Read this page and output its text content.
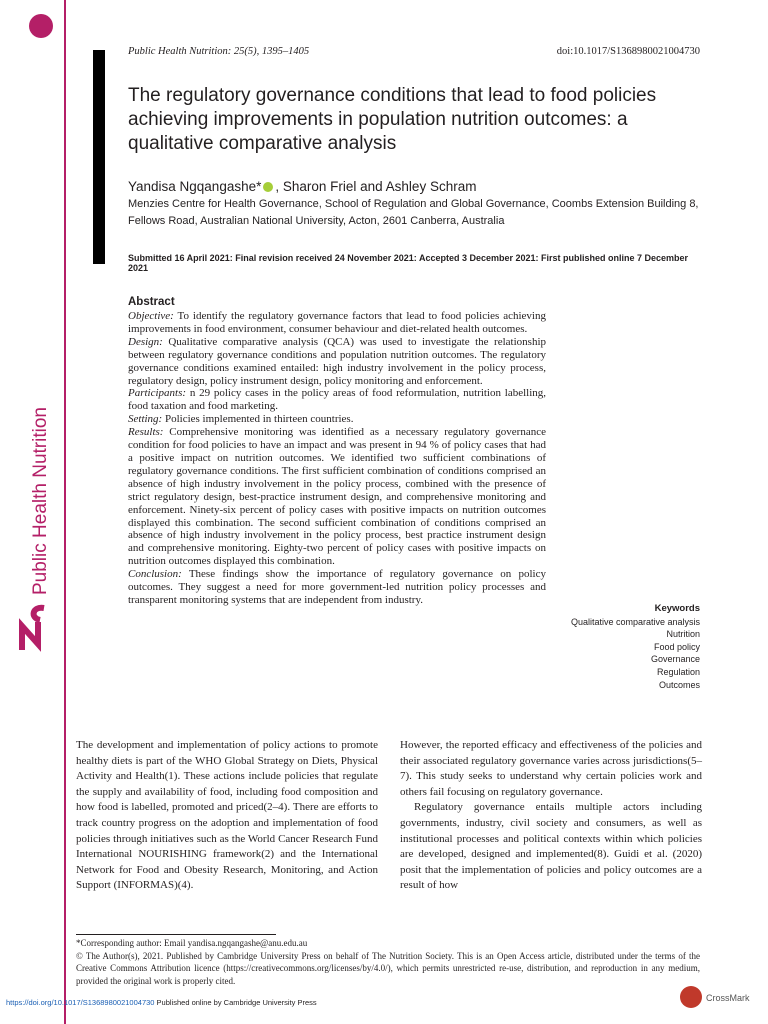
Public Health Nutrition
Public Health Nutrition: 25(5), 1395–1405	doi:10.1017/S1368980021004730
The regulatory governance conditions that lead to food policies achieving improvements in population nutrition outcomes: a qualitative comparative analysis
Yandisa Ngqangashe* , Sharon Friel and Ashley Schram
Menzies Centre for Health Governance, School of Regulation and Global Governance, Coombs Extension Building 8, Fellows Road, Australian National University, Acton, 2601 Canberra, Australia
Submitted 16 April 2021: Final revision received 24 November 2021: Accepted 3 December 2021: First published online 7 December 2021
Abstract

Objective: To identify the regulatory governance factors that lead to food policies achieving improvements in food environment, consumer behaviour and diet-related health outcomes.

Design: Qualitative comparative analysis (QCA) was used to investigate the relationship between regulatory governance conditions and population nutrition outcomes. The regulatory governance conditions examined entailed: high industry involvement in the policy process, regulatory design, policy instrument design, policy monitoring and enforcement.

Participants: n 29 policy cases in the policy areas of food reformulation, nutrition labelling, food taxation and food marketing.

Setting: Policies implemented in thirteen countries.

Results: Comprehensive monitoring was identified as a necessary regulatory governance condition for food policies to have an impact and was present in 94 % of policy cases that had a positive impact on nutrition outcomes. We identified two sufficient combinations of regulatory governance conditions. The first sufficient combination of conditions comprised an absence of high industry involvement in the policy process, combined with the presence of strict regulatory design, best-practice instrument design, and comprehensive monitoring and enforcement. Ninety-six percent of policy cases with positive impacts on nutrition outcomes displayed this combination. The second sufficient combination of conditions comprised an absence of high industry involvement in the policy process, best practice instrument design and comprehensive monitoring. Eighty-two percent of policy cases with positive impacts on nutrition outcomes displayed this combination.

Conclusion: These findings show the importance of regulatory governance on policy outcomes. They suggest a need for more government-led nutrition policy processes and transparent monitoring systems that are independent from industry.

Keywords
Qualitative comparative analysis
Nutrition
Food policy
Governance
Regulation
Outcomes

The development and implementation of policy actions to promote healthy diets is part of the WHO Global Strategy on Diets, Physical Activity and Health(1). These actions include policies that regulate the supply and availability of food, including food composition and how food is labelled, promoted and priced(2–4). There are efforts to track country progress on the adoption and implementation of food policies through initiatives such as the World Cancer Research Fund International NOURISHING framework(2) and the International Network for Food and Obesity Research, Monitoring, and Action Support (INFORMAS)(4).

However, the reported efficacy and effectiveness of the policies and their associated regulatory governance varies across jurisdictions(5–7). This study seeks to understand why certain policies work and others fail focusing on regulatory governance.

Regulatory governance entails multiple actors including governments, industry, civil society and consumers, as well as institutional processes and political contexts within which policies are developed, designed and implemented(8). Guidi et al. (2020) posit that the implementation of policies and policy outcomes are a result of how

*Corresponding author: Email yandisa.ngqangashe@anu.edu.au

© The Author(s), 2021. Published by Cambridge University Press on behalf of The Nutrition Society. This is an Open Access article, distributed under the terms of the Creative Commons Attribution licence (https://creativecommons.org/licenses/by/4.0/), which permits unrestricted re-use, distribution, and reproduction in any medium, provided the original work is properly cited.

https://doi.org/10.1017/S1368980021004730 Published online by Cambridge University Press	CrossMark
